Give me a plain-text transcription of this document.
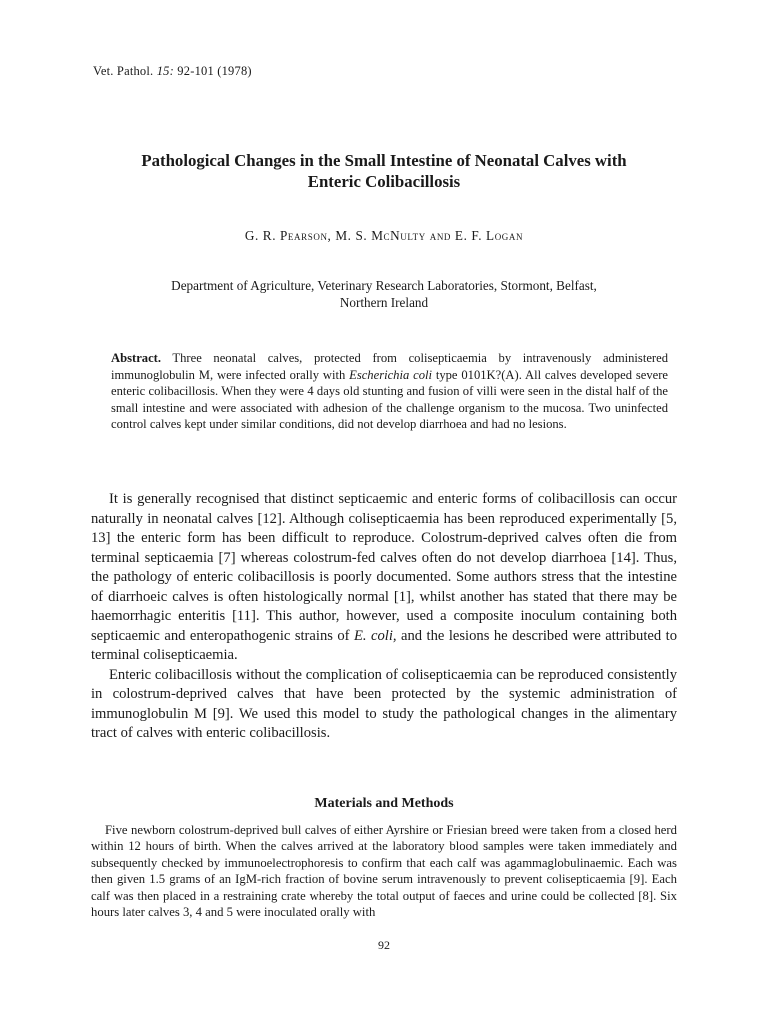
Vet. Pathol. 15: 92-101 (1978)
Pathological Changes in the Small Intestine of Neonatal Calves with
Enteric Colibacillosis
G. R. Pearson, M. S. McNulty and E. F. Logan
Department of Agriculture, Veterinary Research Laboratories, Stormont, Belfast,
Northern Ireland
Abstract. Three neonatal calves, protected from colisepticaemia by intravenously administered immunoglobulin M, were infected orally with Escherichia coli type 0101K?(A). All calves developed severe enteric colibacillosis. When they were 4 days old stunting and fusion of villi were seen in the distal half of the small intestine and were associated with adhesion of the challenge organism to the mucosa. Two uninfected control calves kept under similar conditions, did not develop diarrhoea and had no lesions.

It is generally recognised that distinct septicaemic and enteric forms of colibacillosis can occur naturally in neonatal calves [12]. Although colisepticaemia has been reproduced experimentally [5, 13] the enteric form has been difficult to reproduce. Colostrum-deprived calves often die from terminal septicaemia [7] whereas colostrum-fed calves often do not develop diarrhoea [14]. Thus, the pathology of enteric colibacillosis is poorly documented. Some authors stress that the intestine of diarrhoeic calves is often histologically normal [1], whilst another has stated that there may be haemorrhagic enteritis [11]. This author, however, used a composite inoculum containing both septicaemic and enteropathogenic strains of E. coli, and the lesions he described were attributed to terminal colisepticaemia.

Enteric colibacillosis without the complication of colisepticaemia can be reproduced consistently in colostrum-deprived calves that have been protected by the systemic administration of immunoglobulin M [9]. We used this model to study the pathological changes in the alimentary tract of calves with enteric colibacillosis.

Materials and Methods
Five newborn colostrum-deprived bull calves of either Ayrshire or Friesian breed were taken from a closed herd within 12 hours of birth. When the calves arrived at the laboratory blood samples were taken immediately and subsequently checked by immunoelectrophoresis to confirm that each calf was agammaglobulinaemic. Each was then given 1.5 grams of an IgM-rich fraction of bovine serum intravenously to prevent colisepticaemia [9]. Each calf was then placed in a restraining crate whereby the total output of faeces and urine could be collected [8]. Six hours later calves 3, 4 and 5 were inoculated orally with
92
